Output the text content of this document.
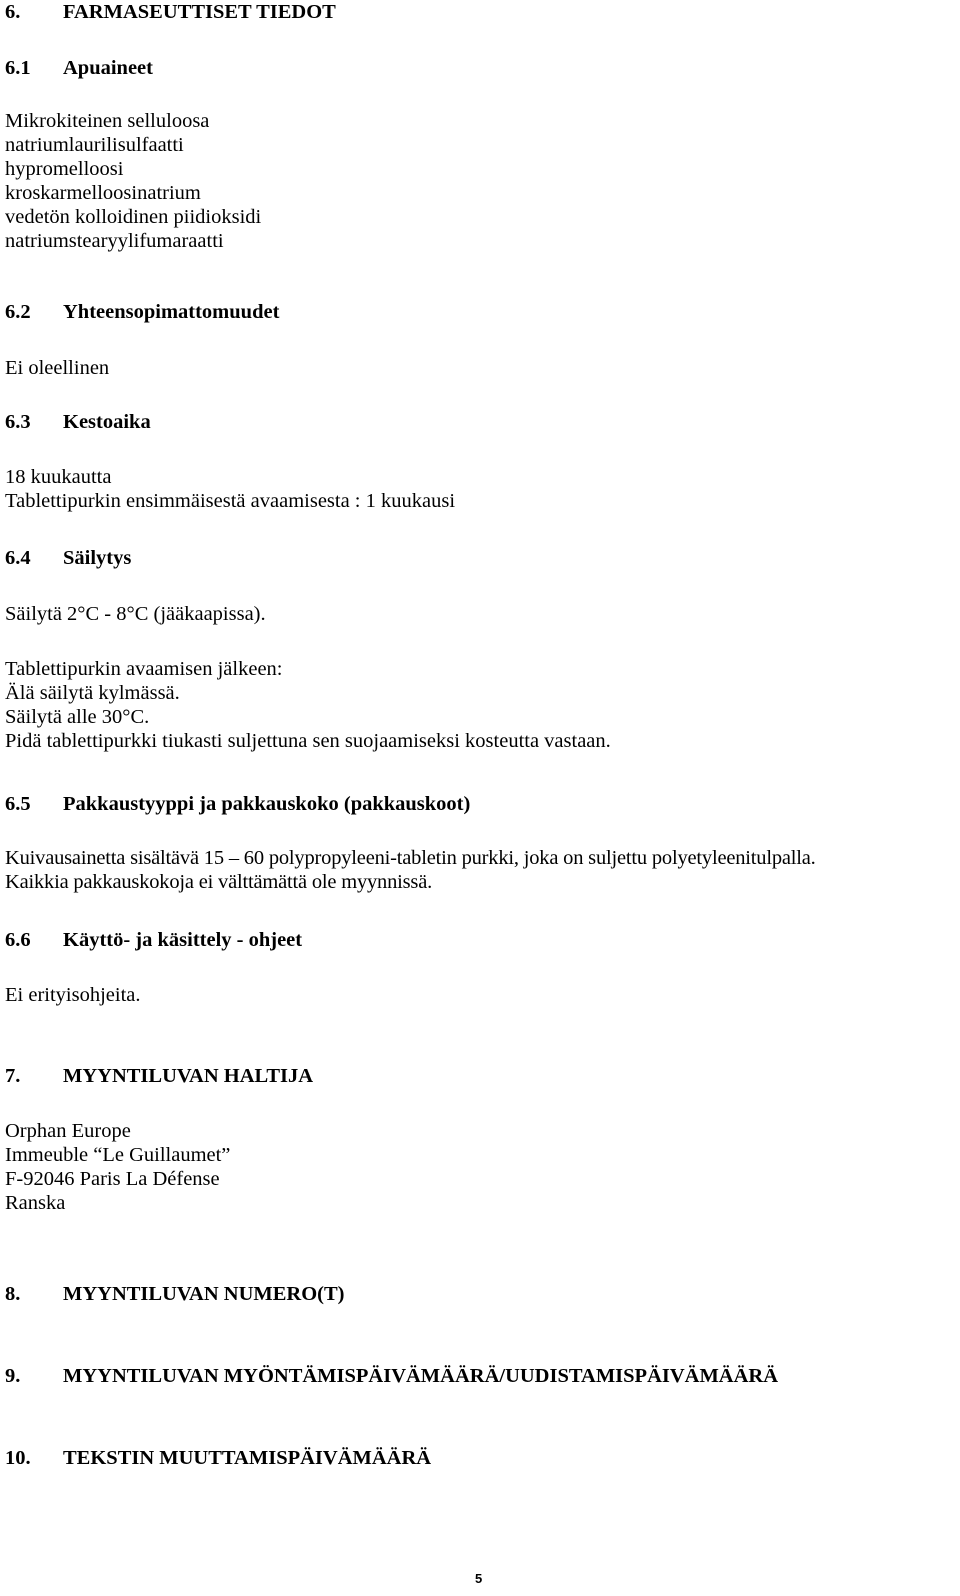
6. FARMASEUTTISET TIEDOT
6.1 Apuaineet
Mikrokiteinen selluloosa
natriumlaurilisulfaatti
hypromelloosi
kroskarmelloosinatrium
vedetön kolloidinen piidioksidi
natriumstearyylifumaraatti
6.2 Yhteensopimattomuudet
Ei oleellinen
6.3 Kestoaika
18 kuukautta
Tablettipurkin ensimmäisestä avaamisesta : 1 kuukausi
6.4 Säilytys
Säilytä 2°C - 8°C (jääkaapissa).
Tablettipurkin avaamisen jälkeen:
Älä säilytä kylmässä.
Säilytä alle 30°C.
Pidä tablettipurkki tiukasti suljettuna sen suojaamiseksi kosteutta vastaan.
6.5 Pakkaustyyppi ja pakkauskoko (pakkauskoot)
Kuivausainetta sisältävä 15 – 60 polypropyleeni-tabletin purkki, joka on suljettu polyetyleenitulpalla.
Kaikkia pakkauskokoja ei välttämättä ole myynnissä.
6.6 Käyttö- ja käsittely - ohjeet
Ei erityisohjeita.
7. MYYNTILUVAN HALTIJA
Orphan Europe
Immeuble “Le Guillaumet”
F-92046 Paris La Défense
Ranska
8. MYYNTILUVAN NUMERO(T)
9. MYYNTILUVAN MYÖNTÄMISPÄIVÄMÄÄRÄ/UUDISTAMISPÄIVÄMÄÄRÄ
10. TEKSTIN MUUTTAMISPÄIVÄMÄÄRÄ
5
